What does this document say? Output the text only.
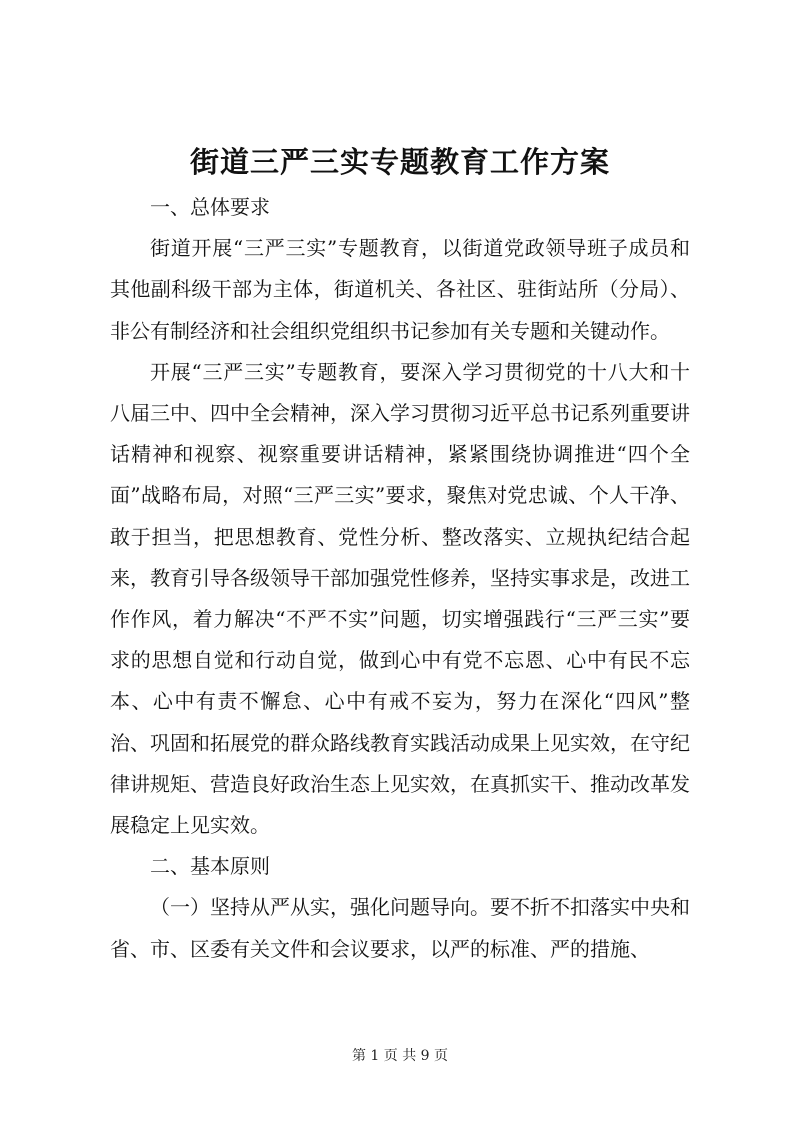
街道三严三实专题教育工作方案

一、总体要求

街道开展“三严三实”专题教育，以街道党政领导班子成员和其他副科级干部为主体，街道机关、各社区、驻街站所（分局）、非公有制经济和社会组织党组织书记参加有关专题和关键动作。

开展“三严三实”专题教育，要深入学习贯彻党的十八大和十八届三中、四中全会精神，深入学习贯彻习近平总书记系列重要讲话精神和视察、视察重要讲话精神，紧紧围绕协调推进“四个全面”战略布局，对照“三严三实”要求，聚焦对党忠诚、个人干净、敢于担当，把思想教育、党性分析、整改落实、立规执纪结合起来，教育引导各级领导干部加强党性修养，坚持实事求是，改进工作作风，着力解决“不严不实”问题，切实增强践行“三严三实”要求的思想自觉和行动自觉，做到心中有党不忘恩、心中有民不忘本、心中有责不懈怠、心中有戒不妄为，努力在深化“四风”整治、巩固和拓展党的群众路线教育实践活动成果上见实效，在守纪律讲规矩、营造良好政治生态上见实效，在真抓实干、推动改革发展稳定上见实效。

二、基本原则

（一）坚持从严从实，强化问题导向。要不折不扣落实中央和省、市、区委有关文件和会议要求，以严的标准、严的措施、

第 1 页 共 9 页
